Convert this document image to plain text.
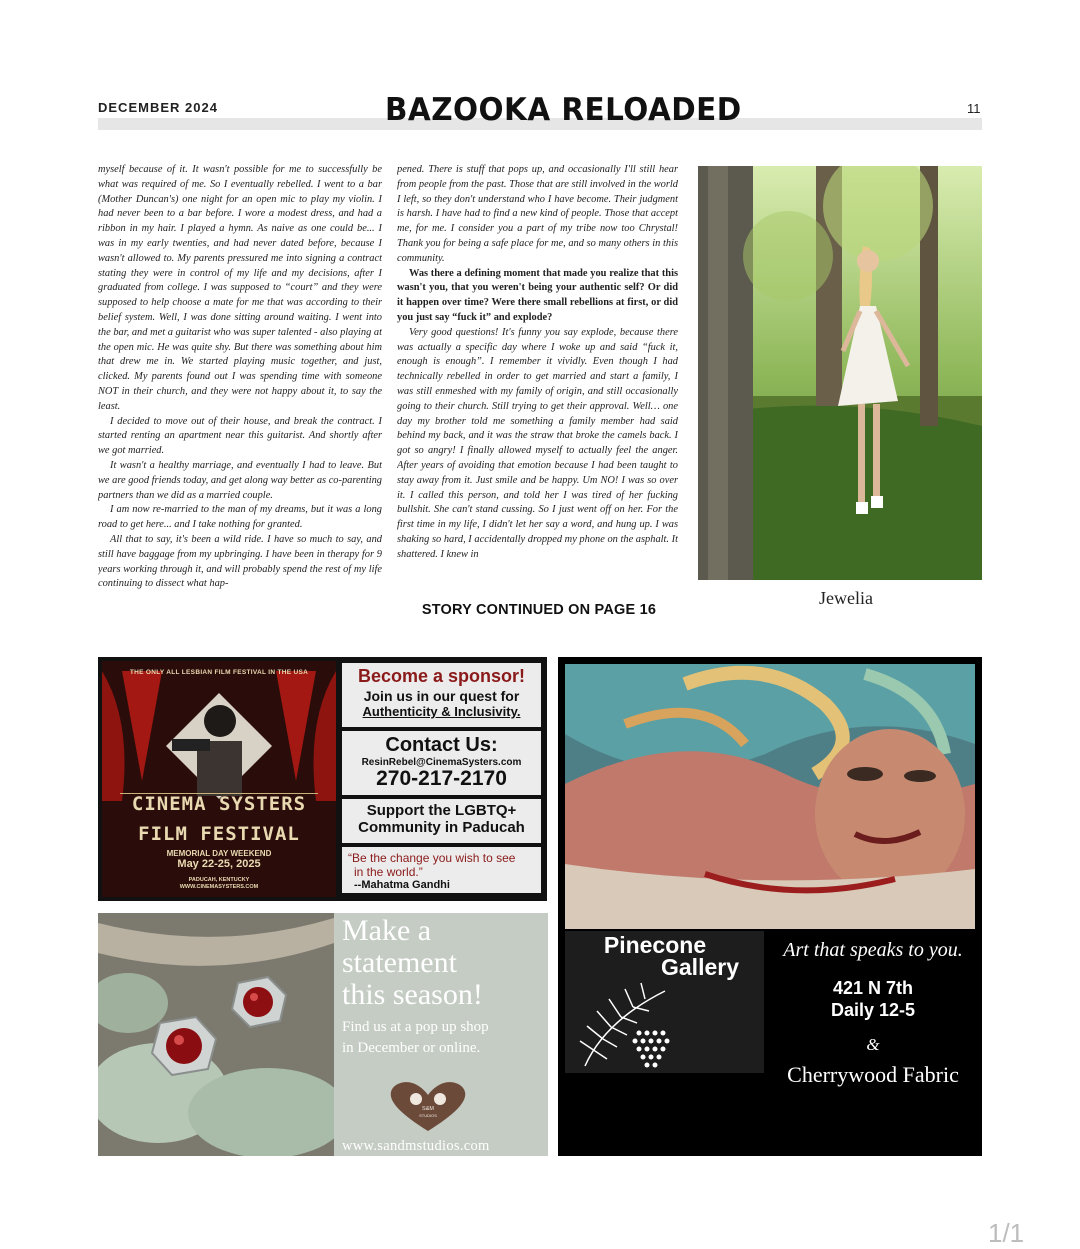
DECEMBER 2024	BAZOOKA RELOADED	11

myself because of it. It wasn't possible for me to successfully be what was required of me. So I eventually rebelled. I went to a bar (Mother Duncan's) one night for an open mic to play my violin. I had never been to a bar before. I wore a modest dress, and had a ribbon in my hair. I played a hymn. As naive as one could be... I was in my early twenties, and had never dated before, because I wasn't allowed to. My parents pressured me into signing a contract stating they were in control of my life and my decisions, after I graduated from college. I was supposed to “court” and they were supposed to help choose a mate for me that was according to their belief system. Well, I was done sitting around waiting. I went into the bar, and met a guitarist who was super talented - also playing at the open mic. He was quite shy. But there was something about him that drew me in. We started playing music together, and just, clicked. My parents found out I was spending time with someone NOT in their church, and they were not happy about it, to say the least.

I decided to move out of their house, and break the contract. I started renting an apartment near this guitarist. And shortly after we got married.

It wasn't a healthy marriage, and eventually I had to leave. But we are good friends today, and get along way better as co-parenting partners than we did as a married couple.

I am now re-married to the man of my dreams, but it was a long road to get here... and I take nothing for granted.

All that to say, it's been a wild ride. I have so much to say, and still have baggage from my upbringing. I have been in therapy for 9 years working through it, and will probably spend the rest of my life continuing to dissect what hap-

pened. There is stuff that pops up, and occasionally I'll still hear from people from the past. Those that are still involved in the world I left, so they don't understand who I have become. Their judgment is harsh. I have had to find a new kind of people. Those that accept me, for me. I consider you a part of my tribe now too Chrystal! Thank you for being a safe place for me, and so many others in this community.

Was there a defining moment that made you realize that this wasn't you, that you weren't being your authentic self? Or did it happen over time? Were there small rebellions at first, or did you just say “fuck it” and explode?

Very good questions! It's funny you say explode, because there was actually a specific day where I woke up and said “fuck it, enough is enough”. I remember it vividly. Even though I had technically rebelled in order to get married and start a family, I was still enmeshed with my family of origin, and still occasionally going to their church. Still trying to get their approval. Well… one day my brother told me something a family member had said behind my back, and it was the straw that broke the camels back. I got so angry! I finally allowed myself to actually feel the anger. After years of avoiding that emotion because I had been taught to stay away from it. Just smile and be happy. Um NO! I was so over it. I called this person, and told her I was tired of her fucking bullshit. She can't stand cussing. So I just went off on her. For the first time in my life, I didn't let her say a word, and hung up. I was shaking so hard, I accidentally dropped my phone on the asphalt. It shattered. I knew in

STORY CONTINUED ON PAGE 16
Jewelia
THE ONLY ALL LESBIAN FILM FESTIVAL IN THE USA
CINEMA SYSTERS
FILM FESTIVAL
MEMORIAL DAY WEEKEND
May 22-25, 2025
PADUCAH, KENTUCKY
WWW.CINEMASYSTERS.COM
Become a sponsor!
Join us in our quest for
Authenticity & Inclusivity.
Contact Us:
ResinRebel@CinemaSysters.com
270-217-2170
Support the LGBTQ+
Community in Paducah
“Be the change you wish to see
in the world.”
--Mahatma Gandhi
Make a
statement
this season!
Find us at a pop up shop
in December or online.
S&M
STUDIOS
www.sandmstudios.com
Pinecone
Gallery
Art that speaks to you.
421 N 7th
Daily 12-5
&
Cherrywood Fabric
1/1
